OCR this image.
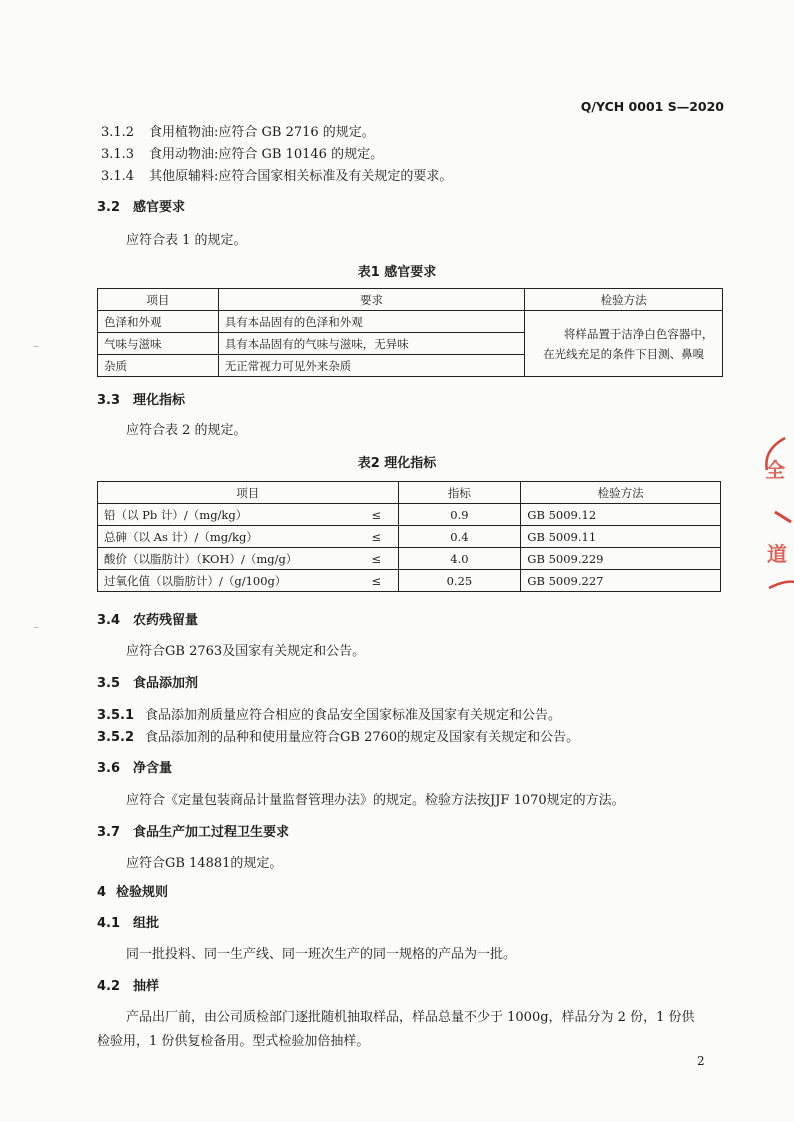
Q/YCH 0001 S—2020
3.1.2 食用植物油:应符合 GB 2716 的规定。
3.1.3 食用动物油:应符合 GB 10146 的规定。
3.1.4 其他原辅料:应符合国家相关标准及有关规定的要求。
3.2 感官要求
应符合表 1 的规定。
表1 感官要求
项目	要求	检验方法
色泽和外观	具有本品固有的色泽和外观	将样品置于洁净白色容器中，
在光线充足的条件下目测、鼻嗅

气味与滋味	具有本品固有的气味与滋味，无异味	
杂质	无正常视力可见外来杂质	
3.3 理化指标
应符合表 2 的规定。
表2 理化指标
项目		指标	检验方法
铅（以 Pb 计）/（mg/kg）	≤	0.9	GB 5009.12
总砷（以 As 计）/（mg/kg）	≤	0.4	GB 5009.11
酸价（以脂肪计）（KOH）/（mg/g）	≤	4.0	GB 5009.229
过氧化值（以脂肪计）/（g/100g）	≤	0.25	GB 5009.227
3.4 农药残留量
应符合GB 2763及国家有关规定和公告。
3.5 食品添加剂
3.5.1 食品添加剂质量应符合相应的食品安全国家标准及国家有关规定和公告。
3.5.2 食品添加剂的品种和使用量应符合GB 2760的规定及国家有关规定和公告。
3.6 净含量
应符合《定量包装商品计量监督管理办法》的规定。检验方法按JJF 1070规定的方法。
3.7 食品生产加工过程卫生要求
应符合GB 14881的规定。
4 检验规则
4.1 组批
同一批投料、同一生产线、同一班次生产的同一规格的产品为一批。
4.2 抽样
产品出厂前，由公司质检部门逐批随机抽取样品，样品总量不少于 1000g，样品分为 2 份，1 份供
检验用，1 份供复检备用。型式检验加倍抽样。
2
全
道
